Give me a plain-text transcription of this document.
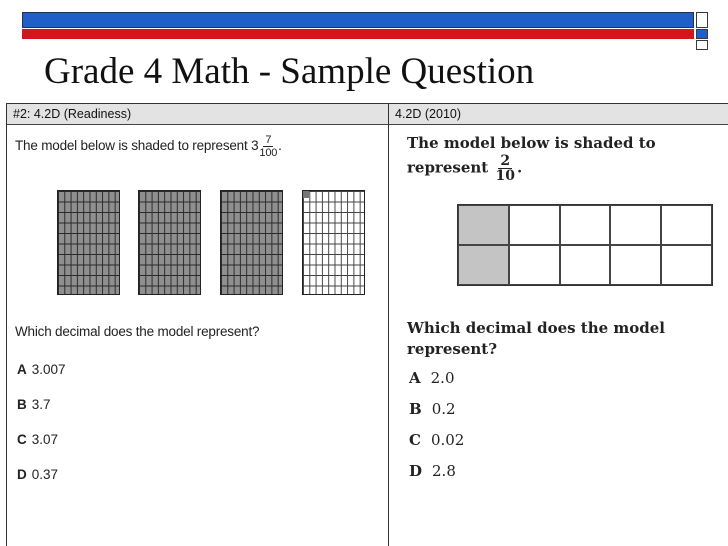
Grade 4 Math - Sample Question
#2: 4.2D (Readiness)
The model below is shaded to represent $3 \frac{7}{100}$ .
Which decimal does the model represent?
A 3.007
B 3.7
C 3.07
D 0.37
4.2D (2010)
The model below is shaded to
represent $\frac{2}{10}$ .
Which decimal does the model
represent?
A 2.0
B 0.2
C 0.02
D 2.8
